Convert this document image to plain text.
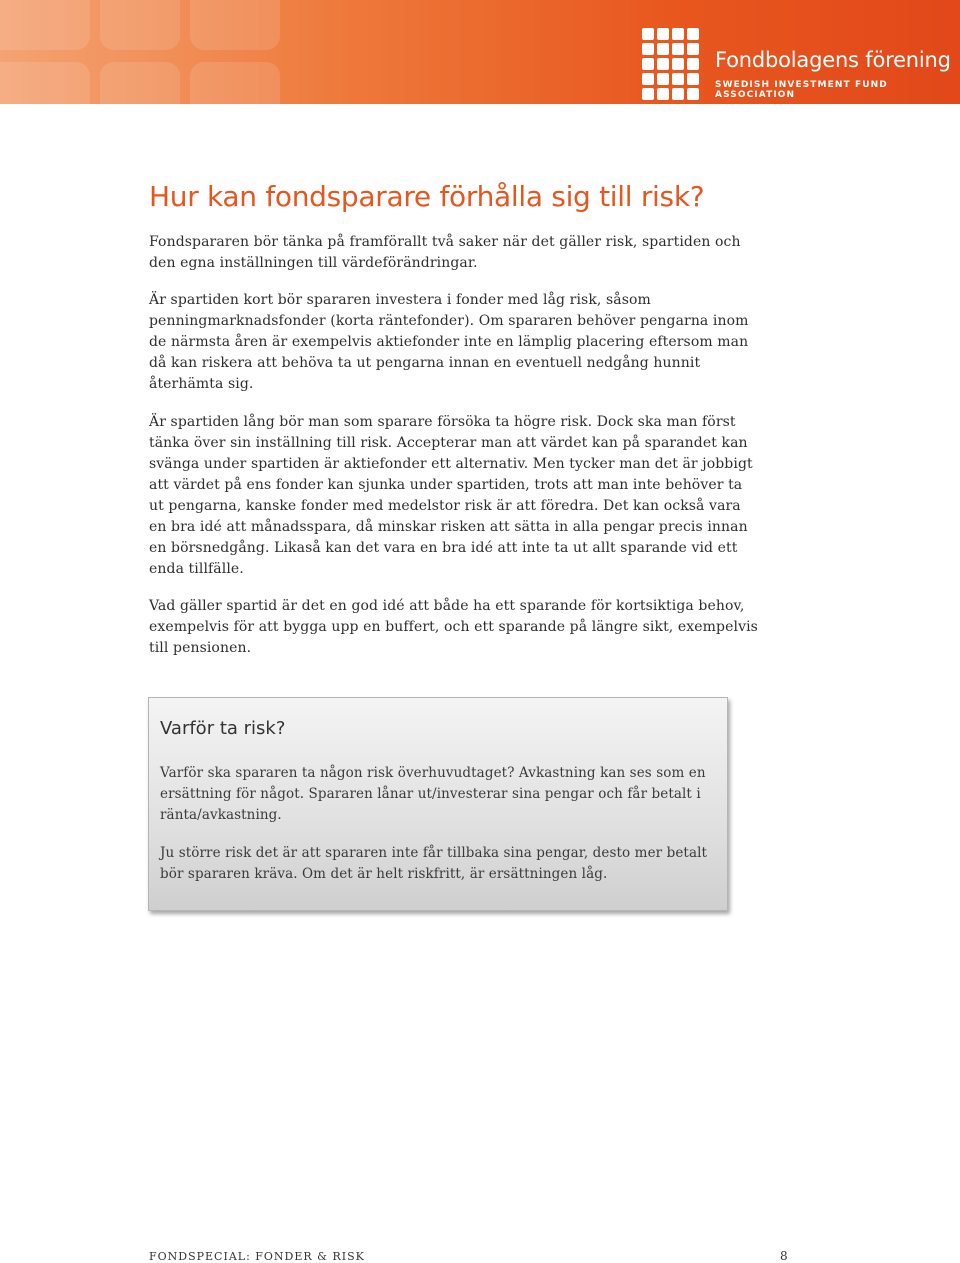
Fondbolagens förening
SWEDISH INVESTMENT FUND ASSOCIATION
Hur kan fondsparare förhålla sig till risk?

Fondspararen bör tänka på framförallt två saker när det gäller risk, spartiden och den egna inställningen till värdeförändringar.

Är spartiden kort bör spararen investera i fonder med låg risk, såsom penningmarknadsfonder (korta räntefonder). Om spararen behöver pengarna inom de närmsta åren är exempelvis aktiefonder inte en lämplig placering eftersom man då kan riskera att behöva ta ut pengarna innan en eventuell nedgång hunnit återhämta sig.

Är spartiden lång bör man som sparare försöka ta högre risk. Dock ska man först tänka över sin inställning till risk. Accepterar man att värdet kan på sparandet kan svänga under spartiden är aktiefonder ett alternativ. Men tycker man det är jobbigt att värdet på ens fonder kan sjunka under spartiden, trots att man inte behöver ta ut pengarna, kanske fonder med medelstor risk är att föredra. Det kan också vara en bra idé att månadsspara, då minskar risken att sätta in alla pengar precis innan en börsnedgång. Likaså kan det vara en bra idé att inte ta ut allt sparande vid ett enda tillfälle.

Vad gäller spartid är det en god idé att både ha ett sparande för kortsiktiga behov, exempelvis för att bygga upp en buffert, och ett sparande på längre sikt, exempelvis till pensionen.

Varför ta risk?

Varför ska spararen ta någon risk överhuvudtaget? Avkastning kan ses som en ersättning för något. Spararen lånar ut/investerar sina pengar och får betalt i ränta/avkastning.

Ju större risk det är att spararen inte får tillbaka sina pengar, desto mer betalt bör spararen kräva. Om det är helt riskfritt, är ersättningen låg.

FONDSPECIAL: FONDER & RISK	8
